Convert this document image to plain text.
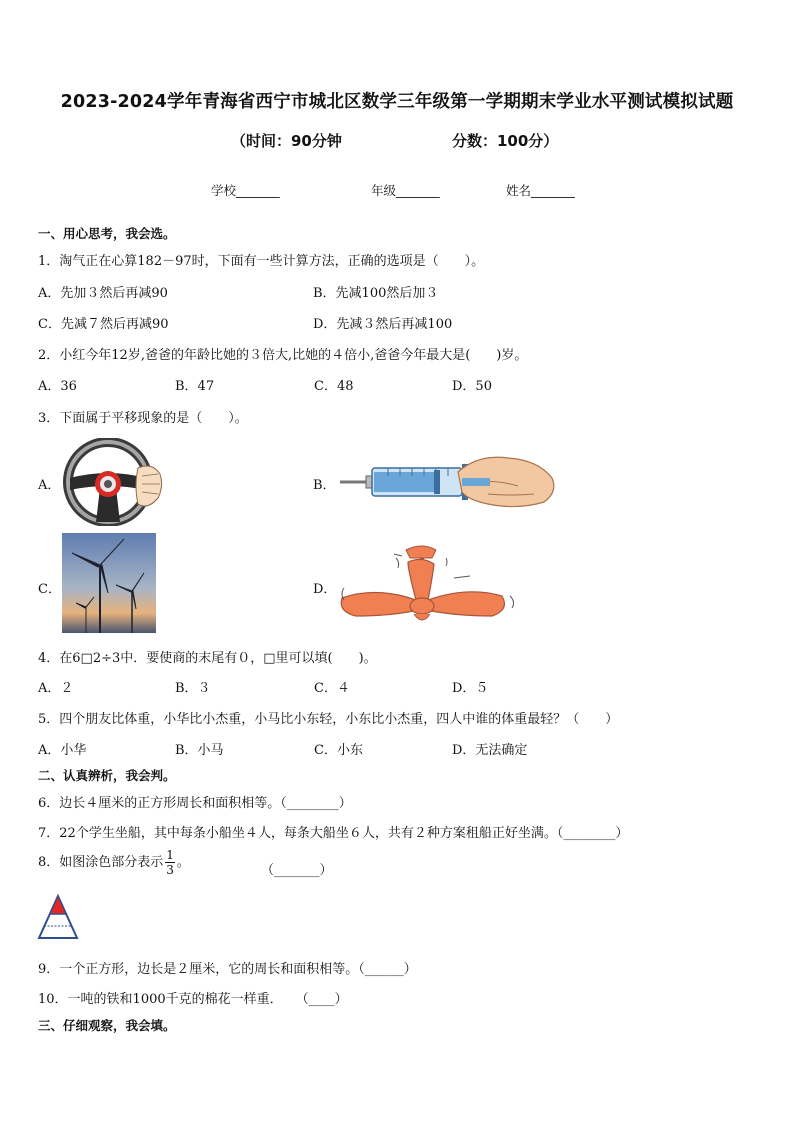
2023-2024学年青海省西宁市城北区数学三年级第一学期期末学业水平测试模拟试题
（时间：90分钟	分数：100分）
学校_______	年级_______	姓名_______
一、用心思考，我会选。
1．淘气正在心算182－97时，下面有一些计算方法，正确的选项是（　　）。
A．先加３然后再减90	B．先减100然后加３
C．先减７然后再减90	D．先减３然后再减100
2．小红今年12岁,爸爸的年龄比她的３倍大,比她的４倍小,爸爸今年最大是(　　)岁。
A．36	B．47	C．48	D．50
3．下面属于平移现象的是（　　）。
A．	B．
C．	D．
4．在6□2÷3中．要使商的末尾有０，□里可以填(　　)。
A．２	B．３	C．４	D．５
5．四个朋友比体重，小华比小杰重，小马比小东轻，小东比小杰重，四人中谁的体重最轻？（　　）
A．小华	B．小马	C．小东	D．无法确定
二、认真辨析，我会判。
6．边长４厘米的正方形周长和面积相等。（________）
7．22个学生坐船，其中每条小船坐４人，每条大船坐６人，共有２种方案租船正好坐满。（________）
8．如图涂色部分表示 $\frac{1}{3}$ 。
（_______）
9．一个正方形，边长是２厘米，它的周长和面积相等。（______）
10．一吨的铁和1000千克的棉花一样重．　　（____）
三、仔细观察，我会填。
